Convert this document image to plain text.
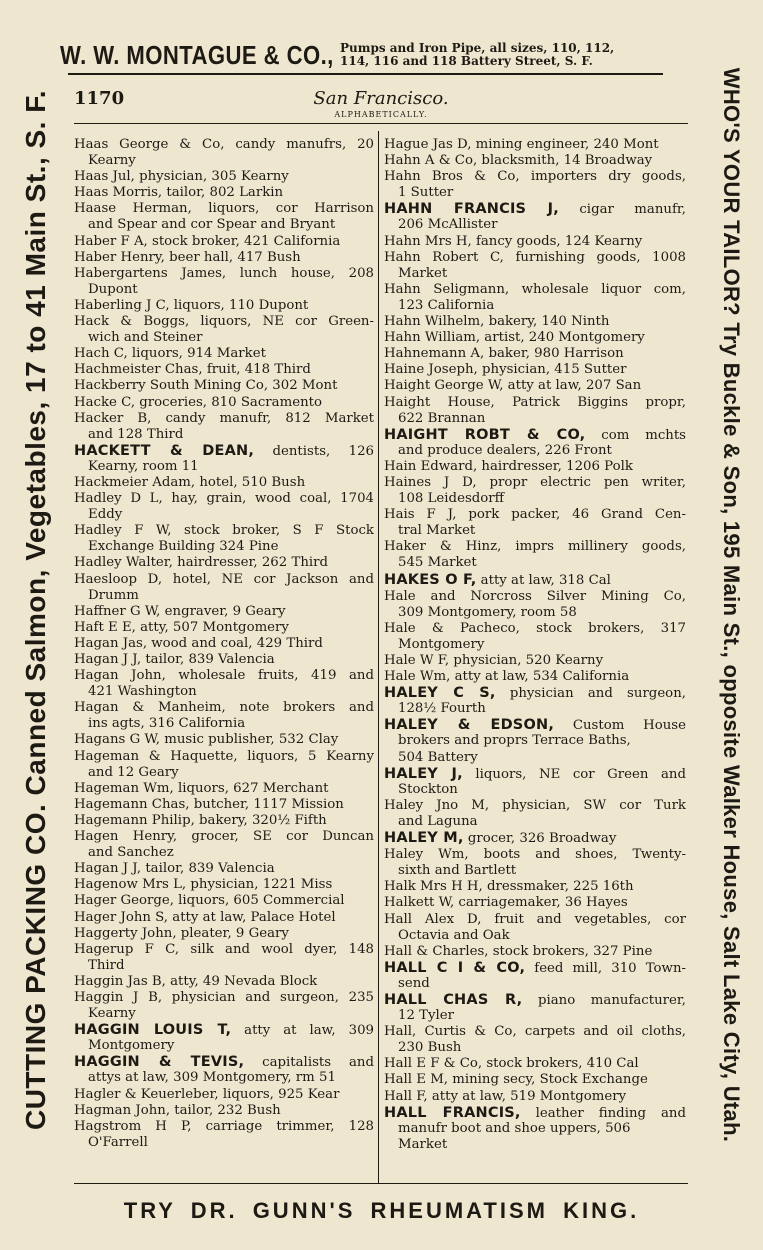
W. W. MONTAGUE & CO., Pumps and Iron Pipe, all sizes, 110, 112,
114, 116 and 118 Battery Street, S. F.
CUTTING PACKING CO. Canned Salmon, Vegetables, 17 to 41 Main St., S. F.	WHO'S YOUR TAILOR? Try Buckle & Son, 195 Main St., opposite Walker House, Salt Lake City, Utah.
1170	San Francisco.
ALPHABETICALLY.
Haas George & Co, candy manufrs, 20
Kearny
Haas Jul, physician, 305 Kearny
Haas Morris, tailor, 802 Larkin
Haase Herman, liquors, cor Harrison
and Spear and cor Spear and Bryant
Haber F A, stock broker, 421 California
Haber Henry, beer hall, 417 Bush
Habergartens James, lunch house, 208
Dupont
Haberling J C, liquors, 110 Dupont
Hack & Boggs, liquors, NE cor Green-
wich and Steiner
Hach C, liquors, 914 Market
Hachmeister Chas, fruit, 418 Third
Hackberry South Mining Co, 302 Mont
Hacke C, groceries, 810 Sacramento
Hacker B, candy manufr, 812 Market
and 128 Third
HACKETT & DEAN, dentists, 126
Kearny, room 11
Hackmeier Adam, hotel, 510 Bush
Hadley D L, hay, grain, wood coal, 1704
Eddy
Hadley F W, stock broker, S F Stock
Exchange Building 324 Pine
Hadley Walter, hairdresser, 262 Third
Haesloop D, hotel, NE cor Jackson and
Drumm
Haffner G W, engraver, 9 Geary
Haft E E, atty, 507 Montgomery
Hagan Jas, wood and coal, 429 Third
Hagan J J, tailor, 839 Valencia
Hagan John, wholesale fruits, 419 and
421 Washington
Hagan & Manheim, note brokers and
ins agts, 316 California
Hagans G W, music publisher, 532 Clay
Hageman & Haquette, liquors, 5 Kearny
and 12 Geary
Hageman Wm, liquors, 627 Merchant
Hagemann Chas, butcher, 1117 Mission
Hagemann Philip, bakery, 320½ Fifth
Hagen Henry, grocer, SE cor Duncan
and Sanchez
Hagan J J, tailor, 839 Valencia
Hagenow Mrs L, physician, 1221 Miss
Hager George, liquors, 605 Commercial
Hager John S, atty at law, Palace Hotel
Haggerty John, pleater, 9 Geary
Hagerup F C, silk and wool dyer, 148
Third
Haggin Jas B, atty, 49 Nevada Block
Haggin J B, physician and surgeon, 235
Kearny
HAGGIN LOUIS T, atty at law, 309
Montgomery
HAGGIN & TEVIS, capitalists and
attys at law, 309 Montgomery, rm 51
Hagler & Keuerleber, liquors, 925 Kear
Hagman John, tailor, 232 Bush
Hagstrom H P, carriage trimmer, 128
O'Farrell
Hague Jas D, mining engineer, 240 Mont
Hahn A & Co, blacksmith, 14 Broadway
Hahn Bros & Co, importers dry goods,
1 Sutter
HAHN FRANCIS J, cigar manufr,
206 McAllister
Hahn Mrs H, fancy goods, 124 Kearny
Hahn Robert C, furnishing goods, 1008
Market
Hahn Seligmann, wholesale liquor com,
123 California
Hahn Wilhelm, bakery, 140 Ninth
Hahn William, artist, 240 Montgomery
Hahnemann A, baker, 980 Harrison
Haine Joseph, physician, 415 Sutter
Haight George W, atty at law, 207 San
Haight House, Patrick Biggins propr,
622 Brannan
HAIGHT ROBT & CO, com mchts
and produce dealers, 226 Front
Hain Edward, hairdresser, 1206 Polk
Haines J D, propr electric pen writer,
108 Leidesdorff
Hais F J, pork packer, 46 Grand Cen-
tral Market
Haker & Hinz, imprs millinery goods,
545 Market
HAKES O F, atty at law, 318 Cal
Hale and Norcross Silver Mining Co,
309 Montgomery, room 58
Hale & Pacheco, stock brokers, 317
Montgomery
Hale W F, physician, 520 Kearny
Hale Wm, atty at law, 534 California
HALEY C S, physician and surgeon,
128½ Fourth
HALEY & EDSON, Custom House
brokers and proprs Terrace Baths,
504 Battery
HALEY J, liquors, NE cor Green and
Stockton
Haley Jno M, physician, SW cor Turk
and Laguna
HALEY M, grocer, 326 Broadway
Haley Wm, boots and shoes, Twenty-
sixth and Bartlett
Halk Mrs H H, dressmaker, 225 16th
Halkett W, carriagemaker, 36 Hayes
Hall Alex D, fruit and vegetables, cor
Octavia and Oak
Hall & Charles, stock brokers, 327 Pine
HALL C I & CO, feed mill, 310 Town-
send
HALL CHAS R, piano manufacturer,
12 Tyler
Hall, Curtis & Co, carpets and oil cloths,
230 Bush
Hall E F & Co, stock brokers, 410 Cal
Hall E M, mining secy, Stock Exchange
Hall F, atty at law, 519 Montgomery
HALL FRANCIS, leather finding and
manufr boot and shoe uppers, 506
Market
TRY DR. GUNN'S RHEUMATISM KING.
